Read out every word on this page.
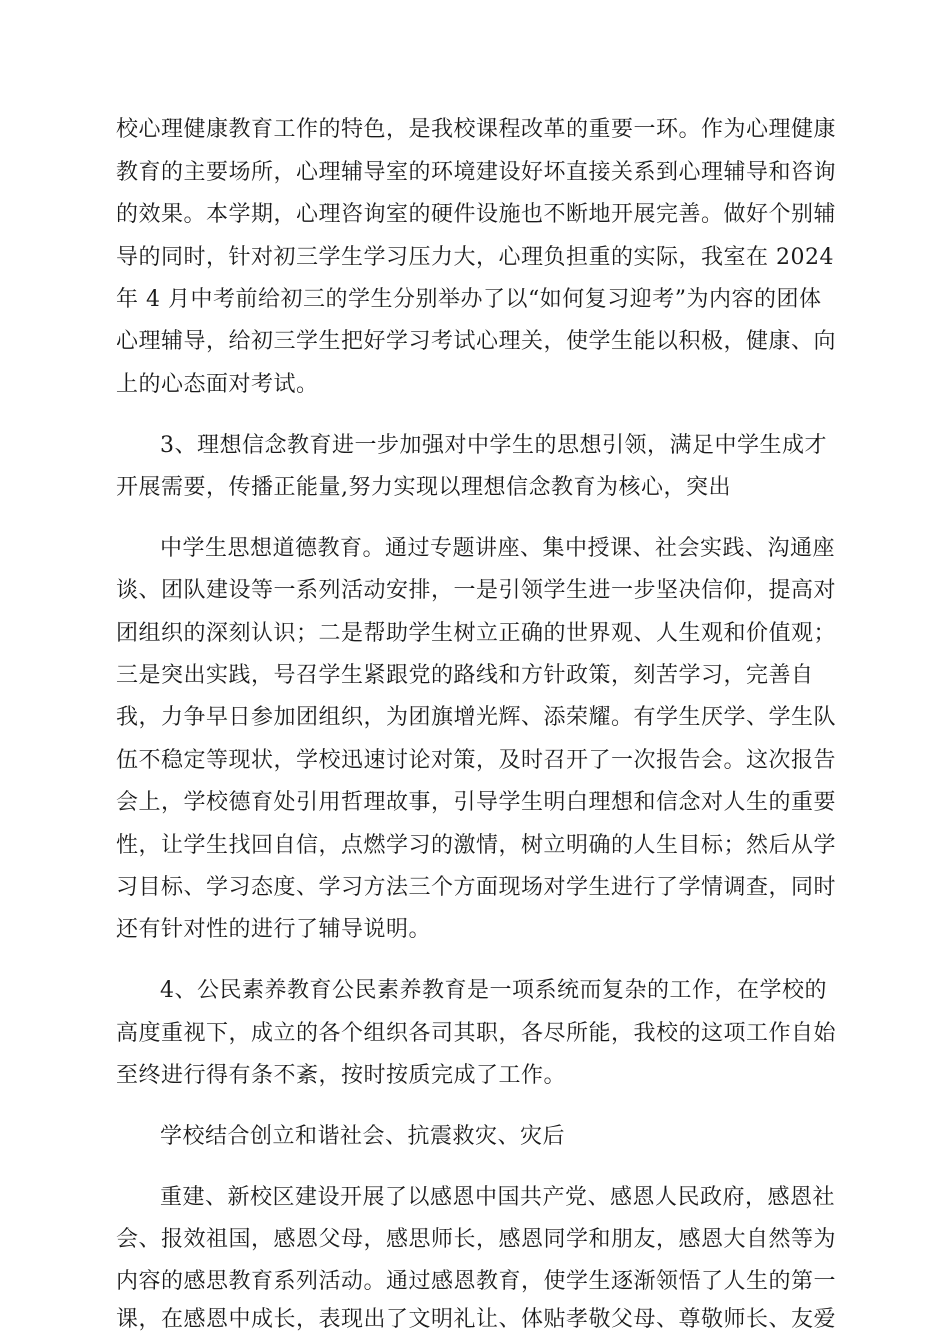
校心理健康教育工作的特色，是我校课程改革的重要一环。作为心理健康
教育的主要场所，心理辅导室的环境建设好坏直接关系到心理辅导和咨询
的效果。本学期，心理咨询室的硬件设施也不断地开展完善。做好个别辅
导的同时，针对初三学生学习压力大，心理负担重的实际，我室在 2024
年 4 月中考前给初三的学生分别举办了以“如何复习迎考”为内容的团体
心理辅导，给初三学生把好学习考试心理关，使学生能以积极，健康、向
上的心态面对考试。
3、理想信念教育进一步加强对中学生的思想引领，满足中学生成才
开展需要，传播正能量,努力实现以理想信念教育为核心，突出
中学生思想道德教育。通过专题讲座、集中授课、社会实践、沟通座
谈、团队建设等一系列活动安排，一是引领学生进一步坚决信仰，提高对
团组织的深刻认识；二是帮助学生树立正确的世界观、人生观和价值观；
三是突出实践，号召学生紧跟党的路线和方针政策，刻苦学习，完善自
我，力争早日参加团组织，为团旗增光辉、添荣耀。有学生厌学、学生队
伍不稳定等现状，学校迅速讨论对策，及时召开了一次报告会。这次报告
会上，学校德育处引用哲理故事，引导学生明白理想和信念对人生的重要
性，让学生找回自信，点燃学习的激情，树立明确的人生目标；然后从学
习目标、学习态度、学习方法三个方面现场对学生进行了学情调查，同时
还有针对性的进行了辅导说明。
4、公民素养教育公民素养教育是一项系统而复杂的工作，在学校的
高度重视下，成立的各个组织各司其职，各尽所能，我校的这项工作自始
至终进行得有条不紊，按时按质完成了工作。
学校结合创立和谐社会、抗震救灾、灾后
重建、新校区建设开展了以感恩中国共产党、感恩人民政府，感恩社
会、报效祖国，感恩父母，感思师长，感恩同学和朋友，感恩大自然等为
内容的感思教育系列活动。通过感恩教育，使学生逐渐领悟了人生的第一
课，在感恩中成长，表现出了文明礼让、体贴孝敬父母、尊敬师长、友爱
